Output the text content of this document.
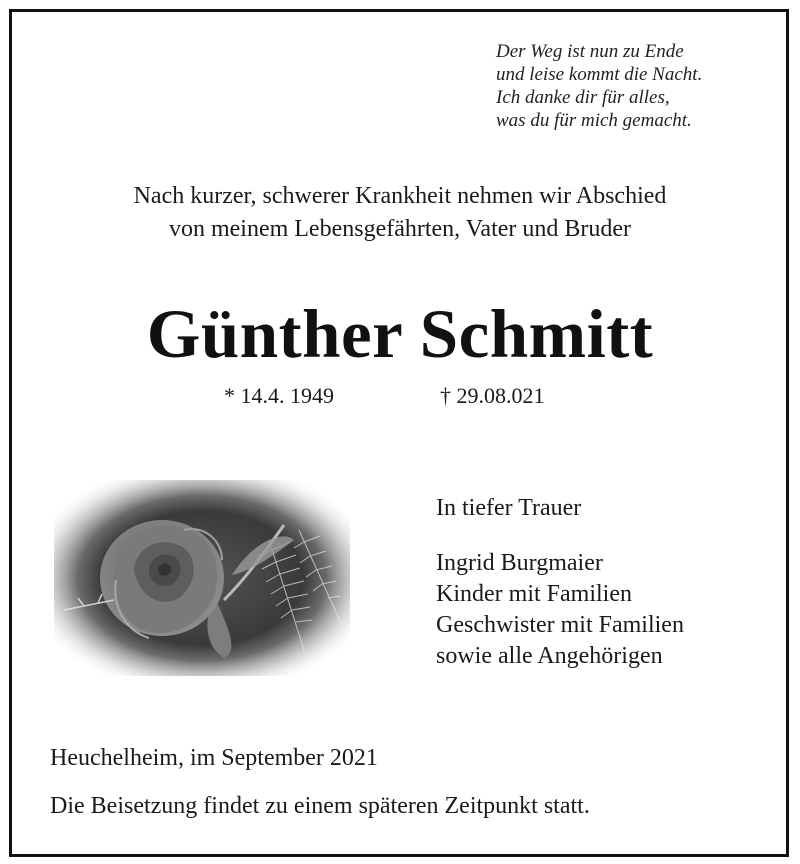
Der Weg ist nun zu Ende
und leise kommt die Nacht.
Ich danke dir für alles,
was du für mich gemacht.
Nach kurzer, schwerer Krankheit nehmen wir Abschied
von meinem Lebensgefährten, Vater und Bruder
Günther Schmitt
* 14.4. 1949	† 29.08.021
In tiefer Trauer
Ingrid Burgmaier
Kinder mit Familien
Geschwister mit Familien
sowie alle Angehörigen
Heuchelheim, im September 2021
Die Beisetzung findet zu einem späteren Zeitpunkt statt.
